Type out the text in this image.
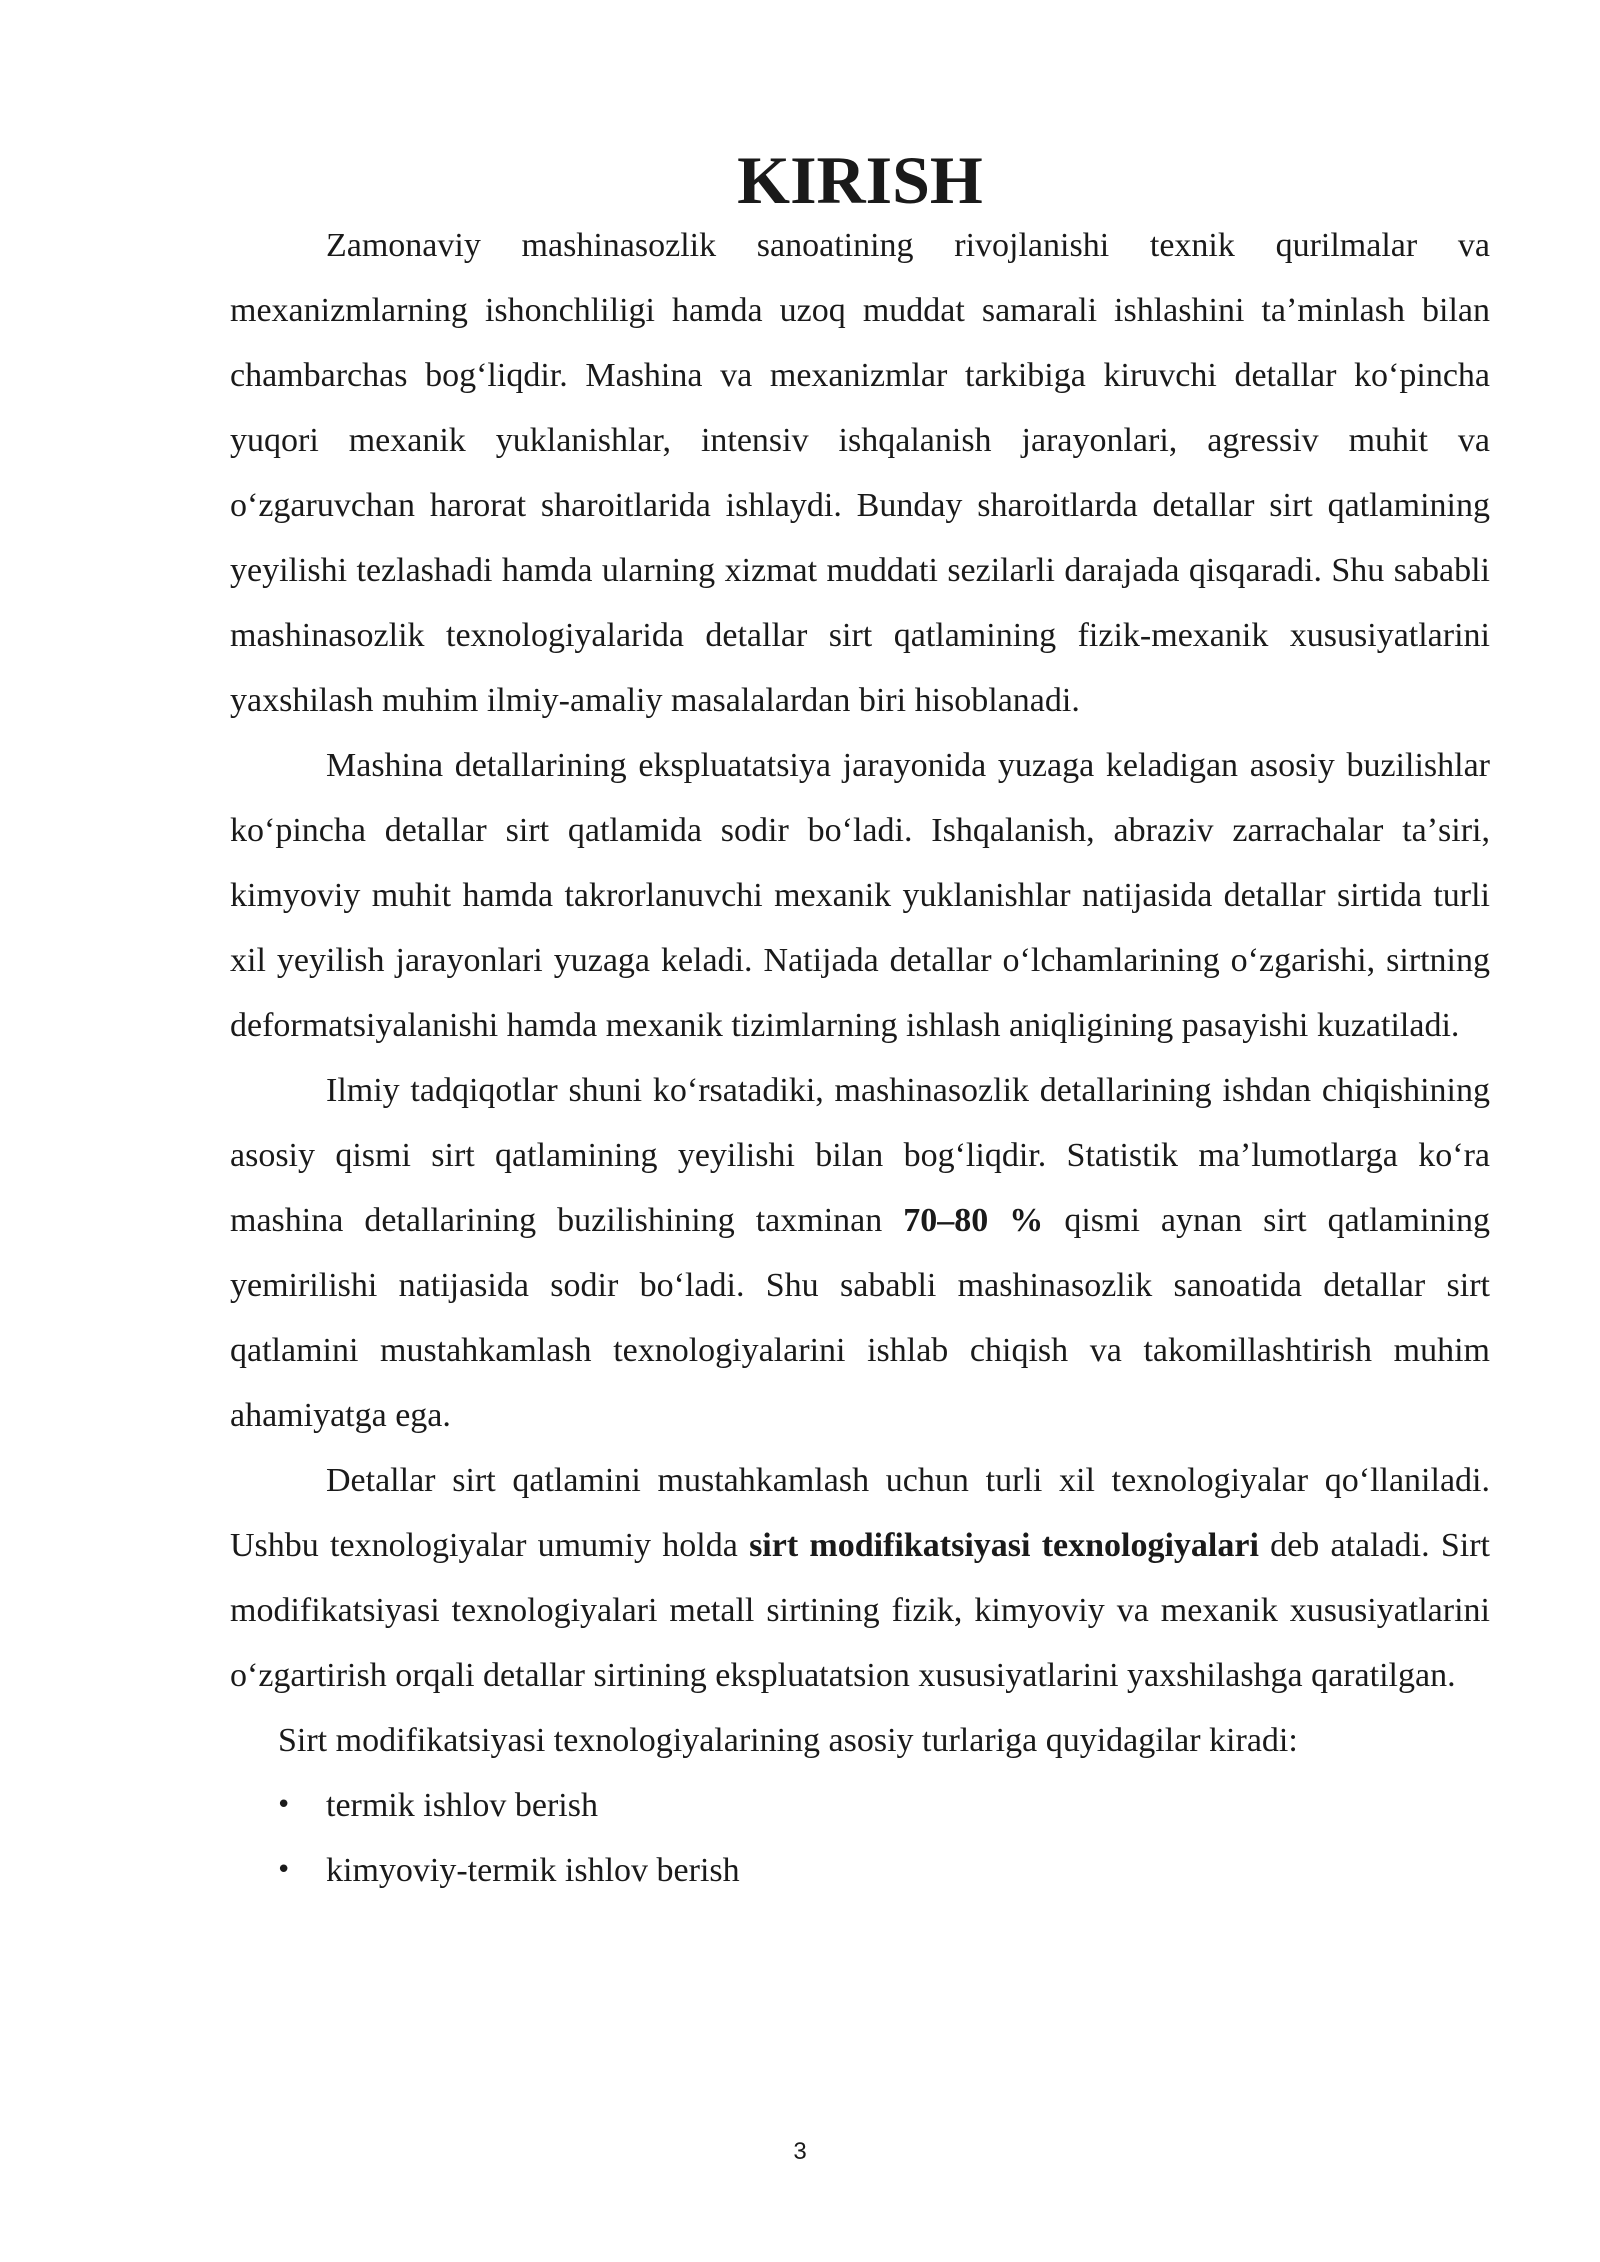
KIRISH

Zamonaviy mashinasozlik sanoatining rivojlanishi texnik qurilmalar va mexanizmlarning ishonchliligi hamda uzoq muddat samarali ishlashini taʼminlash bilan chambarchas bogʻliqdir. Mashina va mexanizmlar tarkibiga kiruvchi detallar koʻpincha yuqori mexanik yuklanishlar, intensiv ishqalanish jarayonlari, agressiv muhit va oʻzgaruvchan harorat sharoitlarida ishlaydi. Bunday sharoitlarda detallar sirt qatlamining yeyilishi tezlashadi hamda ularning xizmat muddati sezilarli darajada qisqaradi. Shu sababli mashinasozlik texnologiyalarida detallar sirt qatlamining fizik-mexanik xususiyatlarini yaxshilash muhim ilmiy-amaliy masalalardan biri hisoblanadi.

Mashina detallarining ekspluatatsiya jarayonida yuzaga keladigan asosiy buzilishlar koʻpincha detallar sirt qatlamida sodir boʻladi. Ishqalanish, abraziv zarrachalar taʼsiri, kimyoviy muhit hamda takrorlanuvchi mexanik yuklanishlar natijasida detallar sirtida turli xil yeyilish jarayonlari yuzaga keladi. Natijada detallar oʻlchamlarining oʻzgarishi, sirtning deformatsiyalanishi hamda mexanik tizimlarning ishlash aniqligining pasayishi kuzatiladi.

Ilmiy tadqiqotlar shuni koʻrsatadiki, mashinasozlik detallarining ishdan chiqishining asosiy qismi sirt qatlamining yeyilishi bilan bogʻliqdir. Statistik maʼlumotlarga koʻra mashina detallarining buzilishining taxminan 70–80 % qismi aynan sirt qatlamining yemirilishi natijasida sodir boʻladi. Shu sababli mashinasozlik sanoatida detallar sirt qatlamini mustahkamlash texnologiyalarini ishlab chiqish va takomillashtirish muhim ahamiyatga ega.

Detallar sirt qatlamini mustahkamlash uchun turli xil texnologiyalar qoʻllaniladi. Ushbu texnologiyalar umumiy holda sirt modifikatsiyasi texnologiyalari deb ataladi. Sirt modifikatsiyasi texnologiyalari metall sirtining fizik, kimyoviy va mexanik xususiyatlarini oʻzgartirish orqali detallar sirtining ekspluatatsion xususiyatlarini yaxshilashga qaratilgan.

Sirt modifikatsiyasi texnologiyalarining asosiy turlariga quyidagilar kiradi:

• termik ishlov berish
• kimyoviy-termik ishlov berish
3
